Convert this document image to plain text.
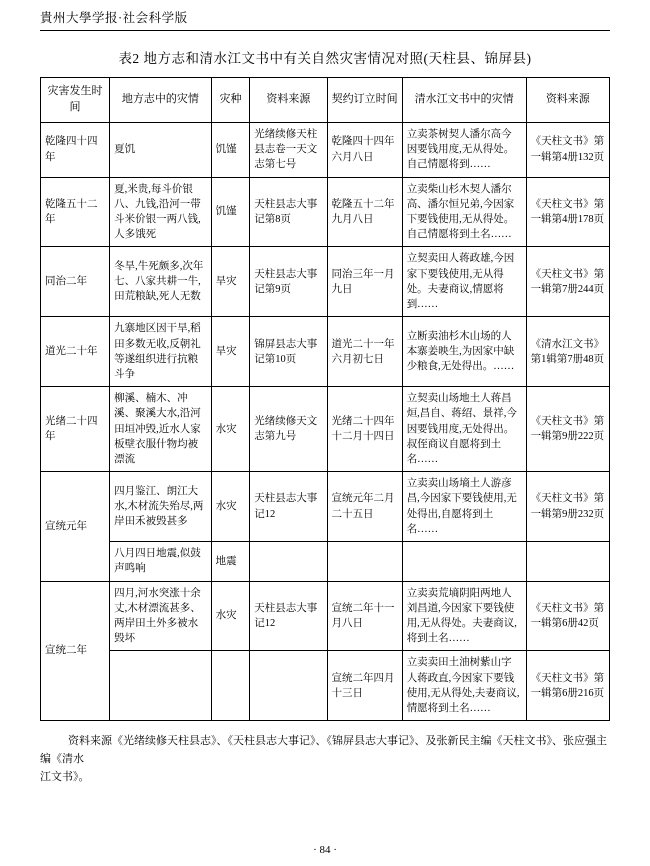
貴州大學学报·社会科学版
表2 地方志和清水江文书中有关自然灾害情况对照(天柱县、锦屏县)
灾害发生时间	地方志中的灾情	灾种	资料来源	契约订立时间	清水江文书中的灾情	资料来源
乾隆四十四年	夏饥	饥馑	光绪续修天柱县志卷一天文志第七号	乾隆四十四年六月八日	立卖茶树契人潘尔高今因要钱用度,无从得处。自己情愿将到……	《天柱文书》第一辑第4册132页
乾隆五十二年	夏,米贵,每斗价银八、九钱,沿河一带斗米价银一两八钱,人多饿死	饥馑	天柱县志大事记第8页	乾隆五十二年九月八日	立卖柴山杉木契人潘尔高、潘尔恒兄弟,今因家下要钱使用,无从得处。自己情愿将到土名……	《天柱文书》第一辑第4册178页
同治二年	冬旱,牛死颇多,次年七、八家共耕一牛,田荒粮缺,死人无数	旱灾	天柱县志大事记第9页	同治三年一月九日	立契卖田人蒋政雄,今因家下要钱使用,无从得处。夫妻商议,情愿将到……	《天柱文书》第一辑第7册244页
道光二十年	九寨地区因干旱,稻田多数无收,反朝礼等遂组织进行抗粮斗争	旱灾	锦屏县志大事记第10页	道光二十一年六月初七日	立断卖油杉木山场的人本寨姜映生,为因家中缺少粮食,无处得出。……	《清水江文书》第1辑第7册48页
光绪二十四年	柳溪、楠木、冲溪、聚溪大水,沿河田垣冲毁,近水人家板壁衣服什物均被漂流	水灾	光绪续修天文志第九号	光绪二十四年十二月十四日	立契卖山场地土人蒋昌烜,昌自、蒋绍、景祥,今因要钱用度,无处得出。叔侄商议自愿将到土名……	《天柱文书》第一辑第9册222页
宣统元年	四月鉴江、朗江大水,木材流失殆尽,两岸田禾被毁甚多	水灾	天柱县志大事记12	宣统元年二月二十五日	立卖卖山场墒土人游彦昌,今因家下要钱使用,无处得出,自愿将到土名……	《天柱文书》第一辑第9册232页
	八月四日地震,似鼓声鸣响	地震				
宣统二年	四月,河水突涨十余丈,木材漂流甚多、两岸田土外多被水毁坏	水灾	天柱县志大事记12	宣统二年十一月八日	立卖卖荒墒阴阳两地人刘昌道,今因家下要钱使用,无从得处。夫妻商议,将到土名……	《天柱文书》第一辑第6册42页
				宣统二年四月十三日	立卖卖田土油树紫山字人蒋政直,今因家下要钱使用,无从得处,夫妻商议,情愿将到土名……	《天柱文书》第一辑第6册216页
资料来源《光绪续修天柱县志》、《天柱县志大事记》、《锦屏县志大事记》、及张新民主编《天柱文书》、张应强主编《清水
江文书》。
· 84 ·
